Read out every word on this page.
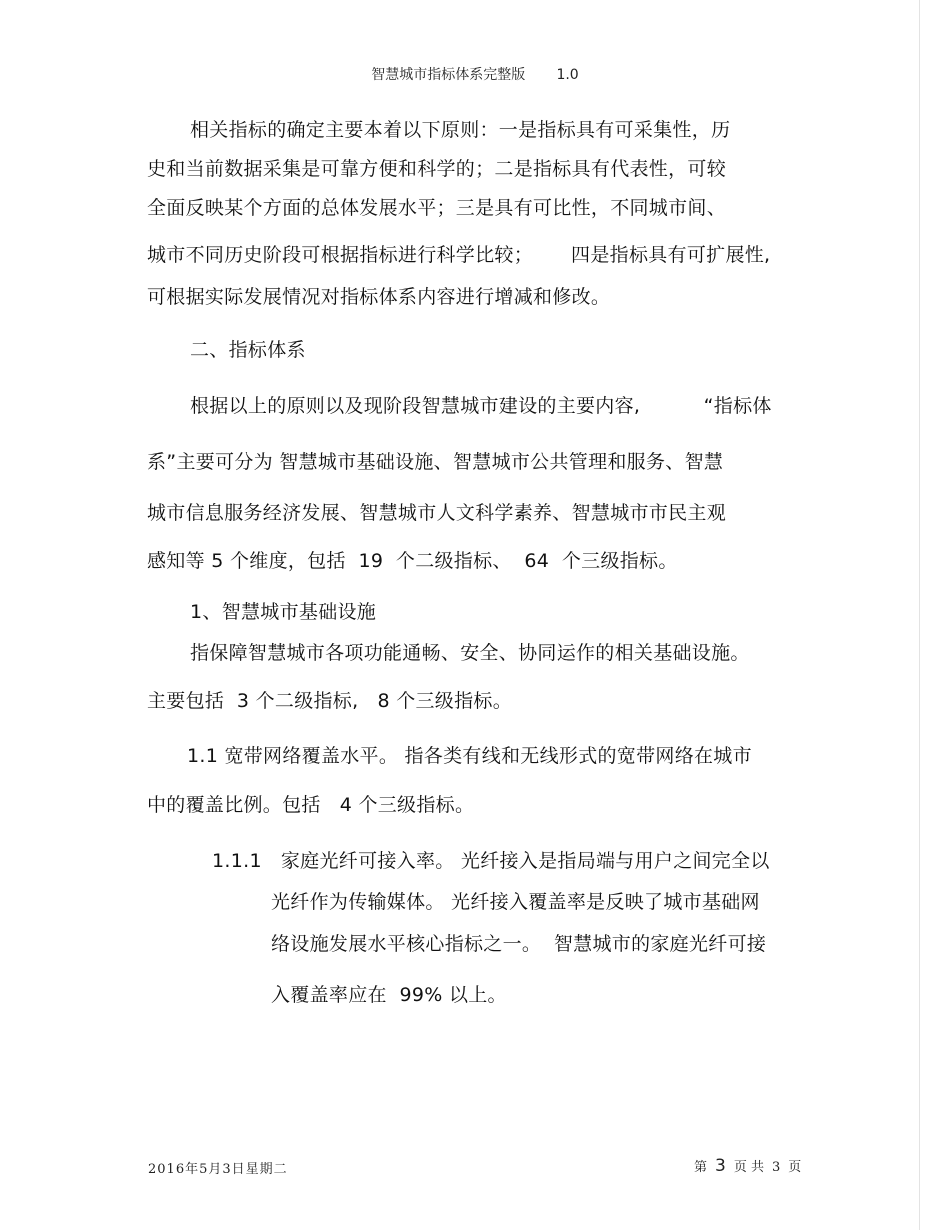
智慧城市指标体系完整版 1.0
相关指标的确定主要本着以下原则：一是指标具有可采集性，历
史和当前数据采集是可靠方便和科学的；二是指标具有代表性，可较
全面反映某个方面的总体发展水平；三是具有可比性，不同城市间、
城市不同历史阶段可根据指标进行科学比较；      四是指标具有可扩展性,
可根据实际发展情况对指标体系内容进行增减和修改。
二、指标体系
根据以上的原则以及现阶段智慧城市建设的主要内容,          “指标体
系”主要可分为 智慧城市基础设施、智慧城市公共管理和服务、智慧
城市信息服务经济发展、智慧城市人文科学素养、智慧城市市民主观
感知等 5 个维度，包括  19  个二级指标、  64  个三级指标。
1、智慧城市基础设施
指保障智慧城市各项功能通畅、安全、协同运作的相关基础设施。
主要包括  3 个二级指标,   8 个三级指标。
1.1 宽带网络覆盖水平。 指各类有线和无线形式的宽带网络在城市
中的覆盖比例。包括   4 个三级指标。
1.1.1   家庭光纤可接入率。 光纤接入是指局端与用户之间完全以
光纤作为传输媒体。 光纤接入覆盖率是反映了城市基础网
络设施发展水平核心指标之一。  智慧城市的家庭光纤可接
入覆盖率应在  99% 以上。
2016年5月3日星期二	第 3 页 共 3 页
